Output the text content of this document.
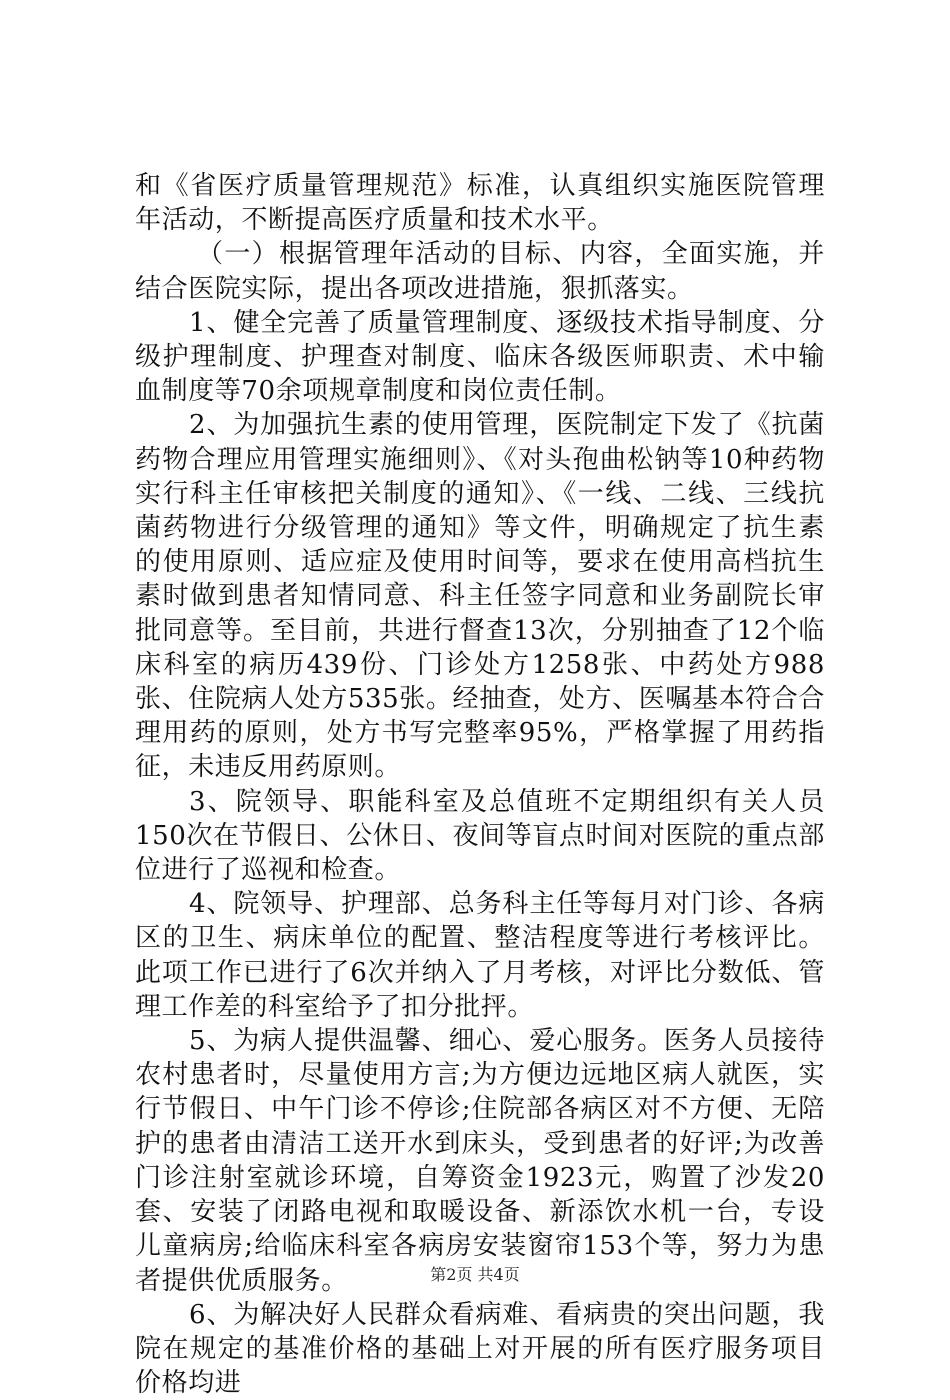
和《省医疗质量管理规范》标准，认真组织实施医院管理年活动，不断提高医疗质量和技术水平。

（一）根据管理年活动的目标、内容，全面实施，并结合医院实际，提出各项改进措施，狠抓落实。

1、健全完善了质量管理制度、逐级技术指导制度、分级护理制度、护理查对制度、临床各级医师职责、术中输血制度等70余项规章制度和岗位责任制。

2、为加强抗生素的使用管理，医院制定下发了《抗菌药物合理应用管理实施细则》、《对头孢曲松钠等10种药物实行科主任审核把关制度的通知》、《一线、二线、三线抗菌药物进行分级管理的通知》等文件，明确规定了抗生素的使用原则、适应症及使用时间等，要求在使用高档抗生素时做到患者知情同意、科主任签字同意和业务副院长审批同意等。至目前，共进行督查13次，分别抽查了12个临床科室的病历439份、门诊处方1258张、中药处方988张、住院病人处方535张。经抽查，处方、医嘱基本符合合理用药的原则，处方书写完整率95%，严格掌握了用药指征，未违反用药原则。

3、院领导、职能科室及总值班不定期组织有关人员150次在节假日、公休日、夜间等盲点时间对医院的重点部位进行了巡视和检查。

4、院领导、护理部、总务科主任等每月对门诊、各病区的卫生、病床单位的配置、整洁程度等进行考核评比。此项工作已进行了6次并纳入了月考核，对评比分数低、管理工作差的科室给予了扣分批抨。

5、为病人提供温馨、细心、爱心服务。医务人员接待农村患者时，尽量使用方言;为方便边远地区病人就医，实行节假日、中午门诊不停诊;住院部各病区对不方便、无陪护的患者由清洁工送开水到床头，受到患者的好评;为改善门诊注射室就诊环境，自筹资金1923元，购置了沙发20套、安装了闭路电视和取暖设备、新添饮水机一台，专设儿童病房;给临床科室各病房安装窗帘153个等，努力为患者提供优质服务。

6、为解决好人民群众看病难、看病贵的突出问题，我院在规定的基准价格的基础上对开展的所有医疗服务项目价格均进

第2页 共4页
